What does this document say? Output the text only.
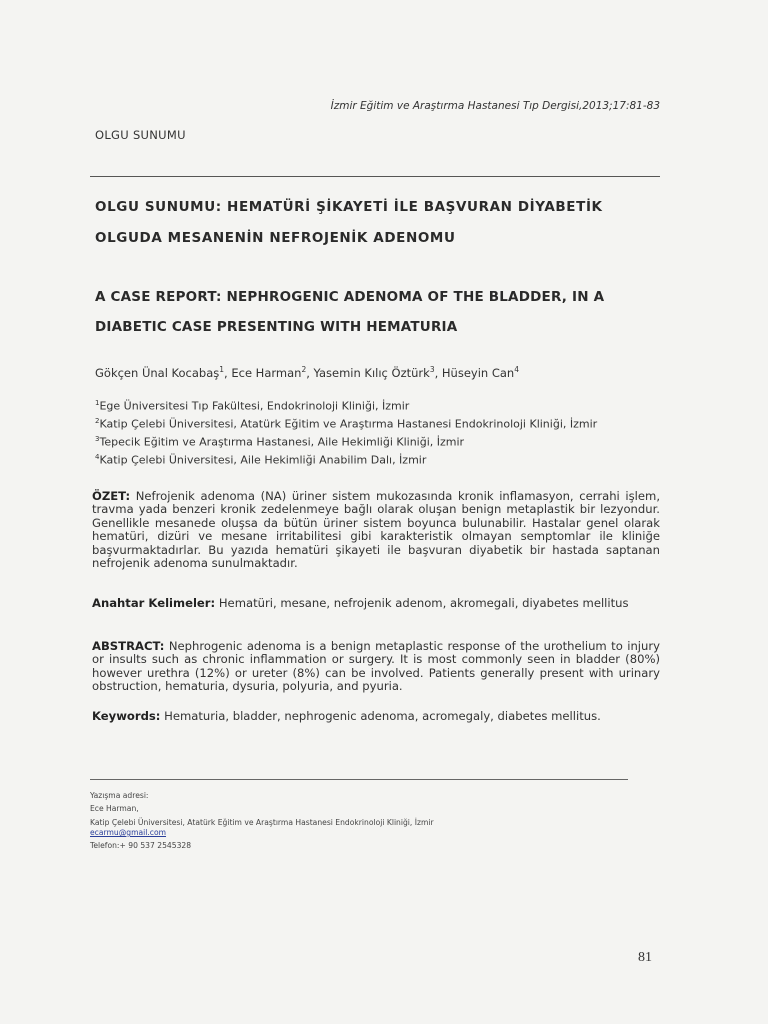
İzmir Eğitim ve Araştırma Hastanesi Tıp Dergisi,2013;17:81-83
OLGU SUNUMU
OLGU SUNUMU: HEMATÜRİ ŞİKAYETİ İLE BAŞVURAN DİYABETİK
OLGUDA MESANENİN NEFROJENİK ADENOMU
A CASE REPORT: NEPHROGENIC ADENOMA OF THE BLADDER, IN A
DIABETIC CASE PRESENTING WITH HEMATURIA
Gökçen Ünal Kocabaş$^1$, Ece Harman$^2$, Yasemin Kılıç Öztürk$^3$, Hüseyin Can$^4$
$^1$Ege Üniversitesi Tıp Fakültesi, Endokrinoloji Kliniği, İzmir
$^2$Katip Çelebi Üniversitesi, Atatürk Eğitim ve Araştırma Hastanesi Endokrinoloji Kliniği, İzmir
$^3$Tepecik Eğitim ve Araştırma Hastanesi, Aile Hekimliği Kliniği, İzmir
$^4$Katip Çelebi Üniversitesi, Aile Hekimliği Anabilim Dalı, İzmir
ÖZET: Nefrojenik adenoma (NA) üriner sistem mukozasında kronik inflamasyon, cerrahi işlem, travma yada benzeri kronik zedelenmeye bağlı olarak oluşan benign metaplastik bir lezyondur. Genellikle mesanede oluşsa da bütün üriner sistem boyunca bulunabilir. Hastalar genel olarak hematüri, dizüri ve mesane irritabilitesi gibi karakteristik olmayan semptomlar ile kliniğe başvurmaktadırlar. Bu yazıda hematüri şikayeti ile başvuran diyabetik bir hastada saptanan nefrojenik adenoma sunulmaktadır.
Anahtar Kelimeler: Hematüri, mesane, nefrojenik adenom, akromegali, diyabetes mellitus
ABSTRACT: Nephrogenic adenoma is a benign metaplastic response of the urothelium to injury or insults such as chronic inflammation or surgery. It is most commonly seen in bladder (80%) however urethra (12%) or ureter (8%) can be involved. Patients generally present with urinary obstruction, hematuria, dysuria, polyuria, and pyuria.
Keywords: Hematuria, bladder, nephrogenic adenoma, acromegaly, diabetes mellitus.
Yazışma adresi:
Ece Harman,
Katip Çelebi Üniversitesi, Atatürk Eğitim ve Araştırma Hastanesi Endokrinoloji Kliniği, İzmir
ecarmu@gmail.com
Telefon:+ 90 537 2545328
81
